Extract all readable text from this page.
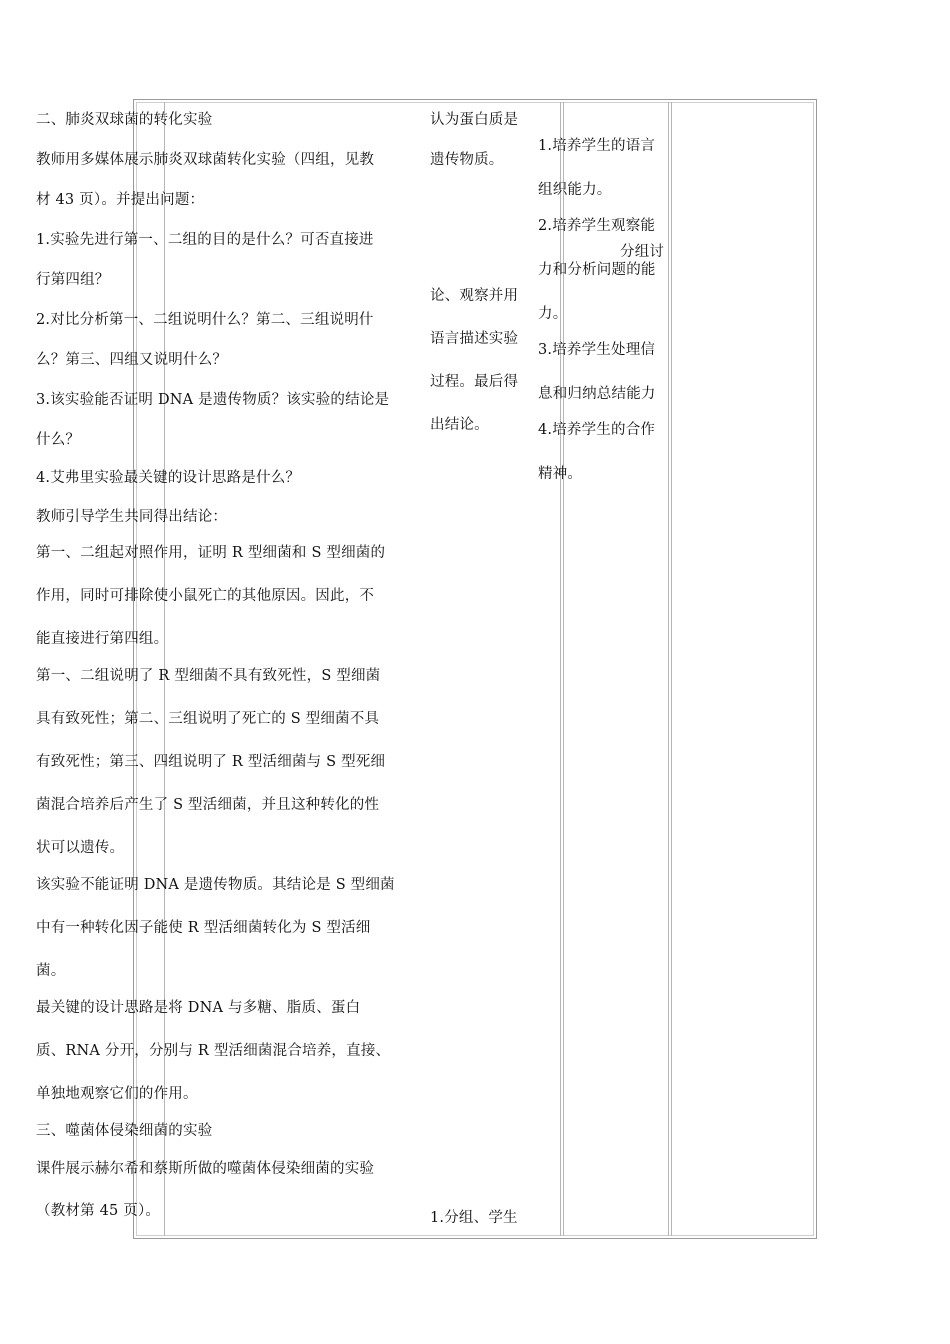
二、肺炎双球菌的转化实验
教师用多媒体展示肺炎双球菌转化实验（四组，见教
材 43 页）。并提出问题：
1.实验先进行第一、二组的目的是什么？可否直接进
行第四组？
2.对比分析第一、二组说明什么？第二、三组说明什
么？第三、四组又说明什么？
3.该实验能否证明 DNA 是遗传物质？该实验的结论是
什么？
4.艾弗里实验最关键的设计思路是什么？
教师引导学生共同得出结论：
第一、二组起对照作用，证明 R 型细菌和 S 型细菌的
作用，同时可排除使小鼠死亡的其他原因。因此，不
能直接进行第四组。
第一、二组说明了 R 型细菌不具有致死性，S 型细菌
具有致死性；第二、三组说明了死亡的 S 型细菌不具
有致死性；第三、四组说明了 R 型活细菌与 S 型死细
菌混合培养后产生了 S 型活细菌，并且这种转化的性
状可以遗传。
该实验不能证明 DNA 是遗传物质。其结论是 S 型细菌
中有一种转化因子能使 R 型活细菌转化为 S 型活细
菌。
最关键的设计思路是将 DNA 与多糖、脂质、蛋白
质、RNA 分开，分别与 R 型活细菌混合培养，直接、
单独地观察它们的作用。
三、噬菌体侵染细菌的实验
课件展示赫尔希和蔡斯所做的噬菌体侵染细菌的实验
（教材第 45 页）。
认为蛋白质是
遗传物质。
分组讨
论、观察并用
语言描述实验
过程。最后得
出结论。
1.分组、学生
1.培养学生的语言
组织能力。
2.培养学生观察能
力和分析问题的能
力。
3.培养学生处理信
息和归纳总结能力
4.培养学生的合作
精神。
